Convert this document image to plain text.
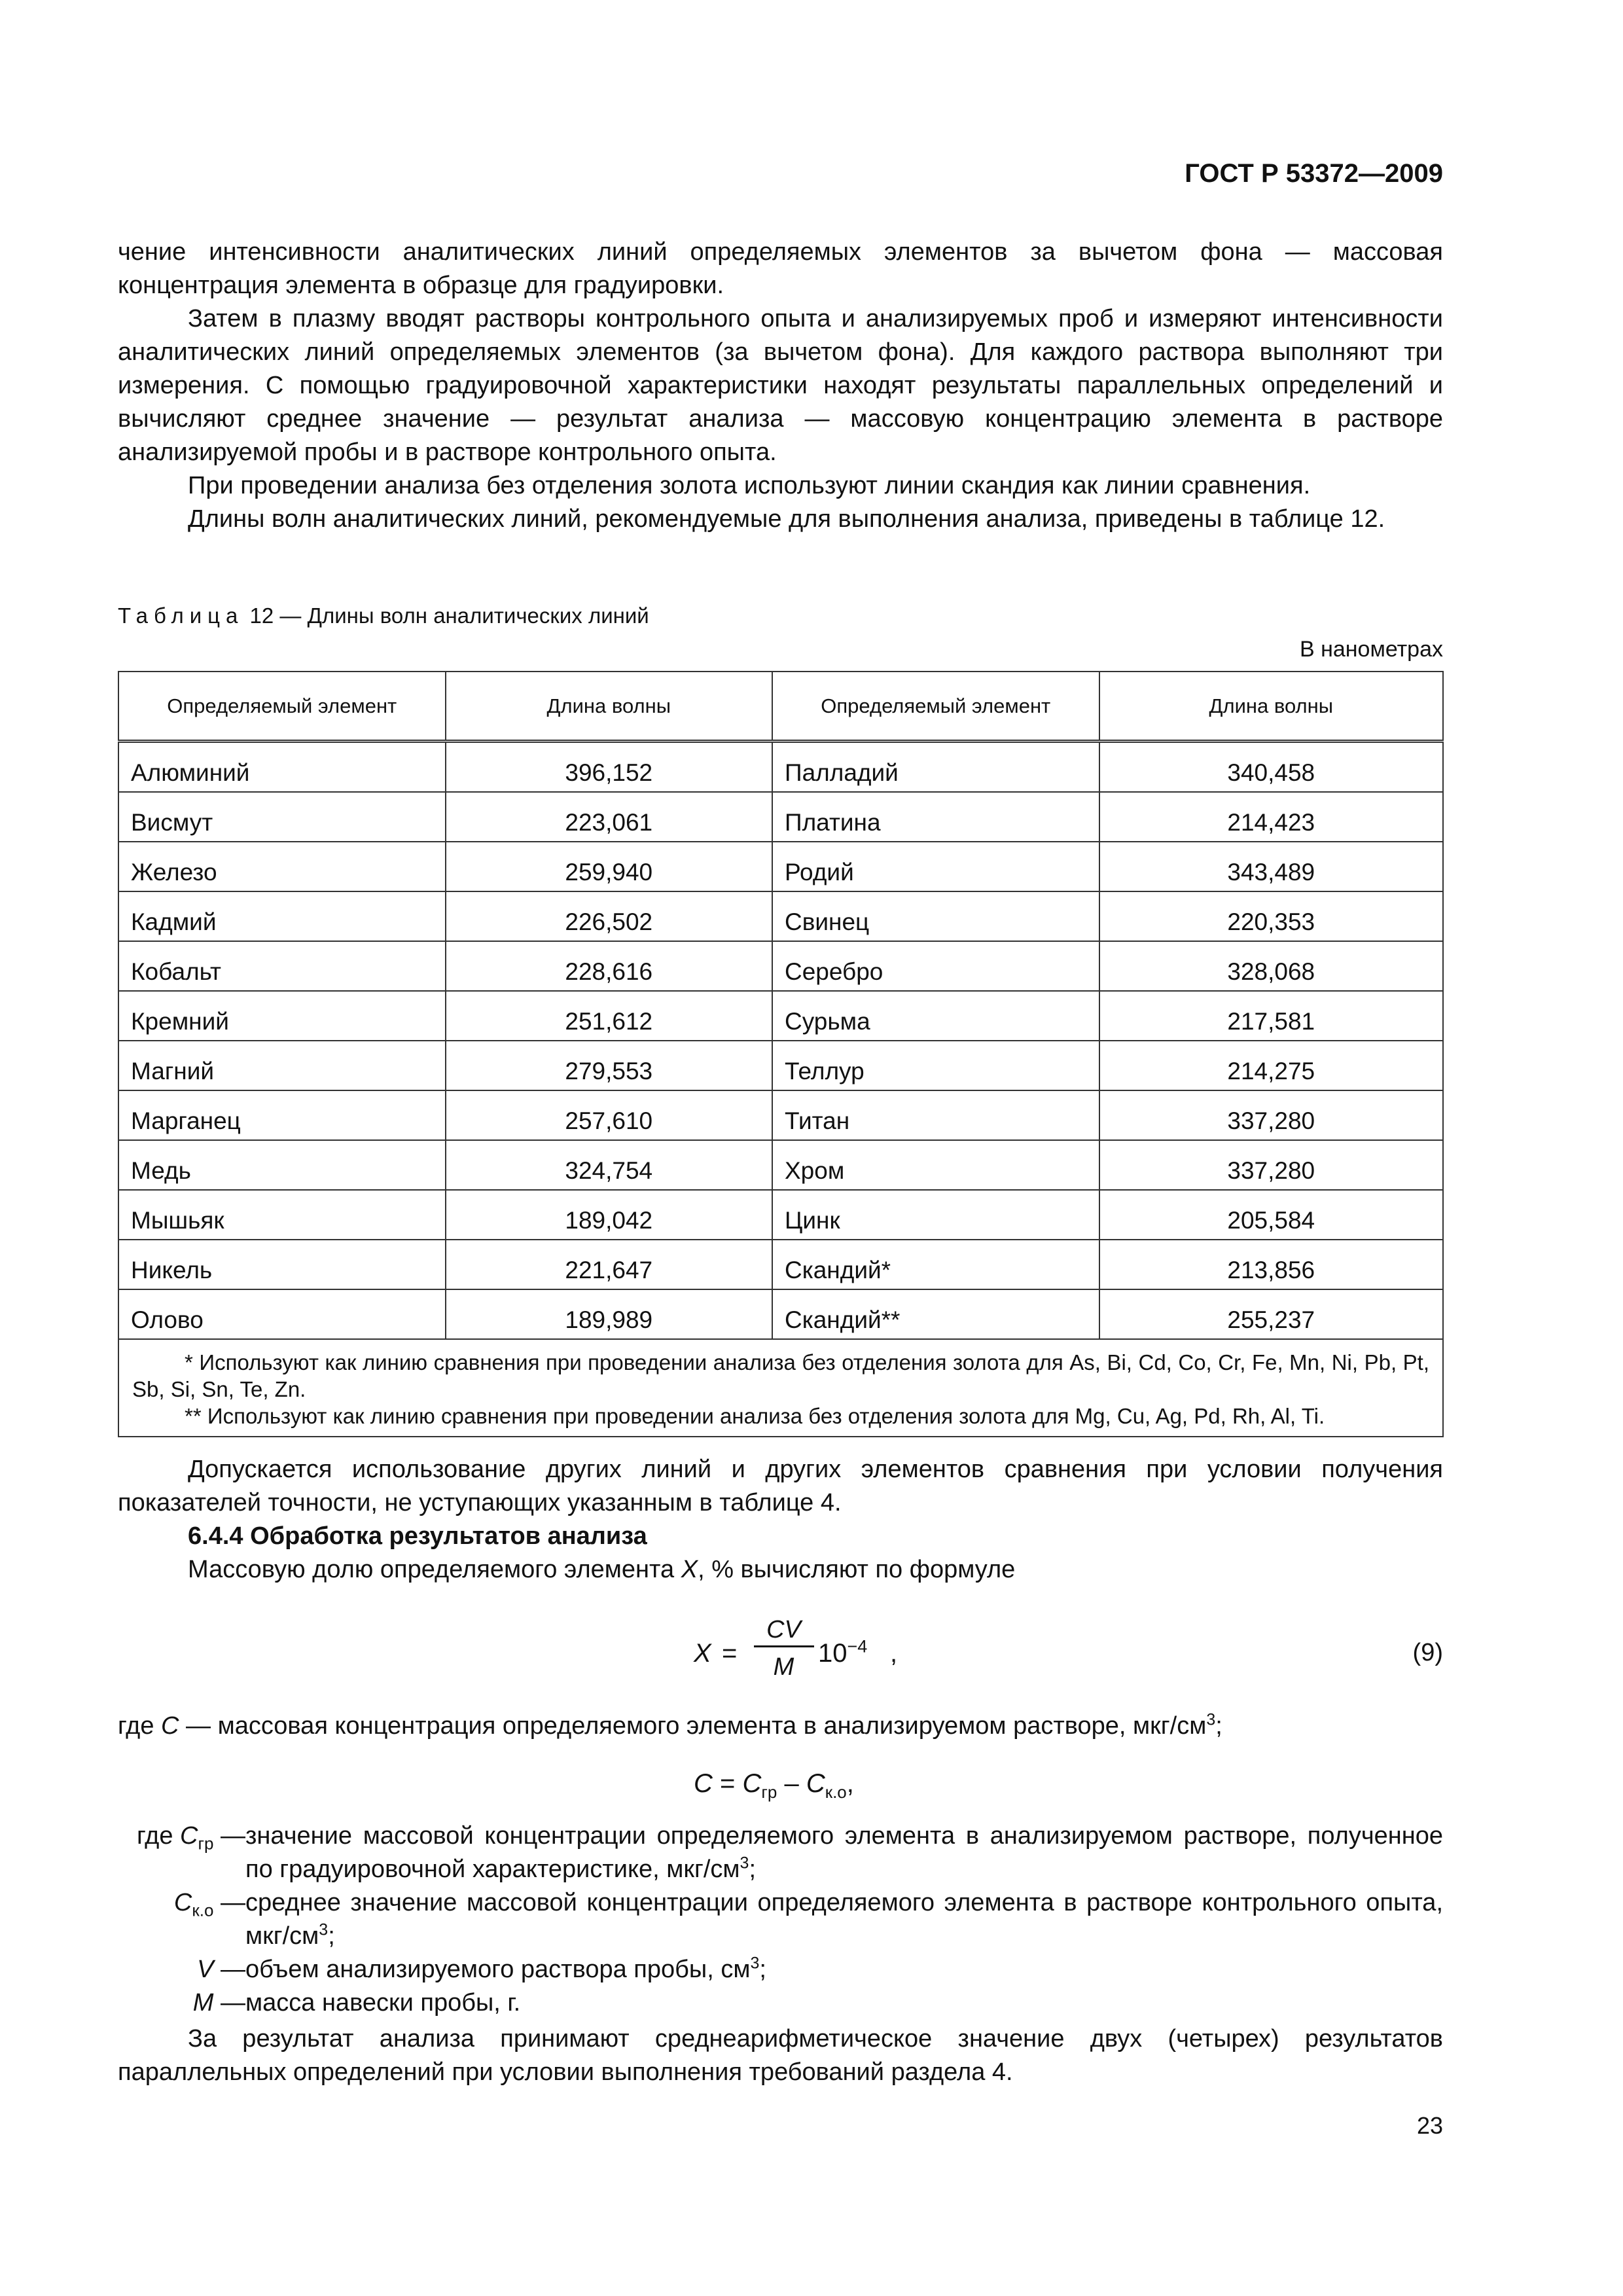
ГОСТ Р 53372—2009

чение интенсивности аналитических линий определяемых элементов за вычетом фона — массовая концентрация элемента в образце для градуировки.

Затем в плазму вводят растворы контрольного опыта и анализируемых проб и измеряют интенсивности аналитических линий определяемых элементов (за вычетом фона). Для каждого раствора выполняют три измерения. С помощью градуировочной характеристики находят результаты параллельных определений и вычисляют среднее значение — результат анализа — массовую концентрацию элемента в растворе анализируемой пробы и в растворе контрольного опыта.

При проведении анализа без отделения золота используют линии скандия как линии сравнения.

Длины волн аналитических линий, рекомендуемые для выполнения анализа, приведены в таблице 12.

Таблица 12 — Длины волн аналитических линий
В нанометрах
Определяемый элемент	Длина волны	Определяемый элемент	Длина волны
Алюминий	396,152	Палладий	340,458
Висмут	223,061	Платина	214,423
Железо	259,940	Родий	343,489
Кадмий	226,502	Свинец	220,353
Кобальт	228,616	Серебро	328,068
Кремний	251,612	Сурьма	217,581
Магний	279,553	Теллур	214,275
Марганец	257,610	Титан	337,280
Медь	324,754	Хром	337,280
Мышьяк	189,042	Цинк	205,584
Никель	221,647	Скандий*	213,856
Олово	189,989	Скандий**	255,237

* Используют как линию сравнения при проведении анализа без отделения золота для As, Bi, Cd, Co, Cr, Fe, Mn, Ni, Pb, Pt, Sb, Si, Sn, Te, Zn.

** Используют как линию сравнения при проведении анализа без отделения золота для Mg, Cu, Ag, Pd, Rh, Al, Ti.			

Допускается использование других линий и других элементов сравнения при условии получения показателей точности, не уступающих указанным в таблице 4.

6.4.4 Обработка результатов анализа

Массовую долю определяемого элемента X, % вычисляют по формуле

X =
CV
M $10^{-4}$ ,	(9)
где C — массовая концентрация определяемого элемента в анализируемом растворе, мкг/$см^3$;
$C = C_{гр} - C_{к.о}$,
где $C_{гр}$ — значение массовой концентрации определяемого элемента в анализируемом растворе, полученное по градуировочной характеристике, мкг/$см^3$;
$C_{к.о}$ — среднее значение массовой концентрации определяемого элемента в растворе контрольного опыта, мкг/$см^3$;
V — объем анализируемого раствора пробы, $см^3$;
M — масса навески пробы, г.

За результат анализа принимают среднеарифметическое значение двух (четырех) результатов параллельных определений при условии выполнения требований раздела 4.

23
